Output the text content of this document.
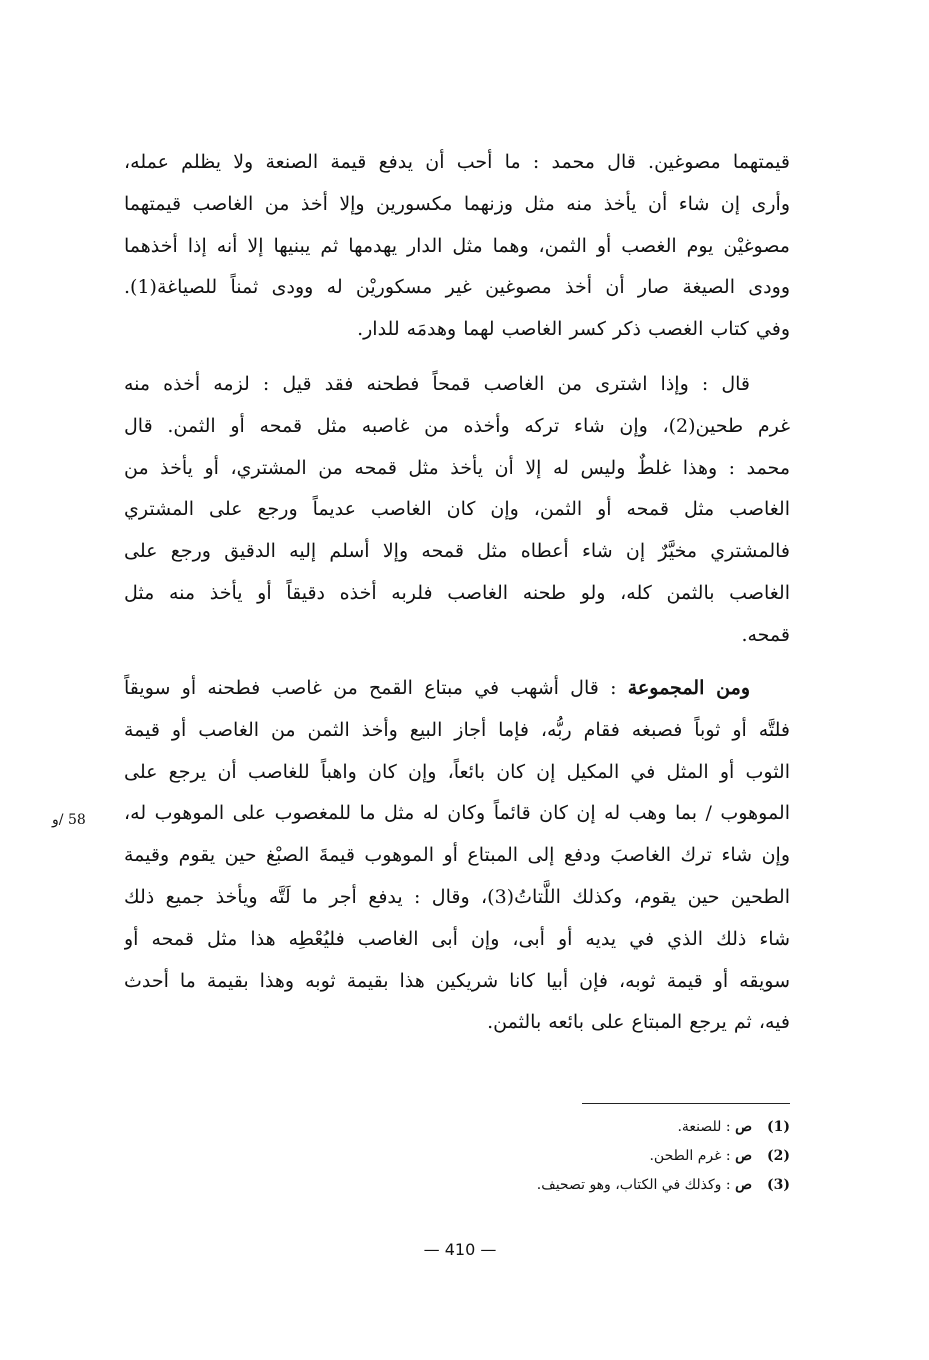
قيمتهما مصوغين. قال محمد : ما أحب أن يدفع قيمة الصنعة ولا يظلم عمله،
وأرى إن شاء أن يأخذ منه مثل وزنهما مكسورين وإلا أخذ من الغاصب قيمتهما
مصوغيْن يوم الغصب أو الثمن، وهما مثل الدار يهدمها ثم يبنيها إلا أنه إذا أخذهما
وودى الصيغة صار أن أخذ مصوغين غير مسكوريْن له وودى ثمناً للصياغة(1).
وفي كتاب الغصب ذكر كسر الغاصب لهما وهدمَه للدار.
قال : وإذا اشترى من الغاصب قمحاً فطحنه فقد قيل : لزمه أخذه منه
غرم طحين(2)، وإن شاء تركه وأخذه من غاصبه مثل قمحه أو الثمن. قال
محمد : وهذا غلطٌ وليس له إلا أن يأخذ مثل قمحه من المشتري، أو يأخذ من
الغاصب مثل قمحه أو الثمن، وإن كان الغاصب عديماً ورجع على المشتري
فالمشتري مخيَّرٌ إن شاء أعطاه مثل قمحه وإلا أسلم إليه الدقيق ورجع على
الغاصب بالثمن كله، ولو طحنه الغاصب فلربه أخذه دقيقاً أو يأخذ منه مثل
قمحه.
ومن المجموعة : قال أشهب في مبتاع القمح من غاصب فطحنه أو سويقاً
فلتَّه أو ثوباً فصبغه فقام ربُّه، فإما أجاز البيع وأخذ الثمن من الغاصب أو قيمة
الثوب أو المثل في المكيل إن كان بائعاً، وإن كان واهباً للغاصب أن يرجع على
الموهوب / بما وهب له إن كان قائماً وكان له مثل ما للمغصوب على الموهوب له،
وإن شاء ترك الغاصبَ ودفع إلى المبتاع أو الموهوب قيمةَ الصبْغ حين يقوم وقيمة
الطحين حين يقوم، وكذلك اللَّتاتُ(3)، وقال : يدفع أجر ما لَتَّه ويأخذ جميع ذلك
شاء ذلك الذي في يديه أو أبى، وإن أبى الغاصب فليُعْطِه هذا مثل قمحه أو
سويقه أو قيمة ثوبه، فإن أبيا كانا شريكين هذا بقيمة ثوبه وهذا بقيمة ما أحدث
فيه، ثم يرجع المبتاع على بائعه بالثمن.
58 /و
(1)ص : للصنعة.
(2)ص : غرم الطحن.
(3)ص : وكذلك في الكتاب، وهو تصحيف.
— 410 —
